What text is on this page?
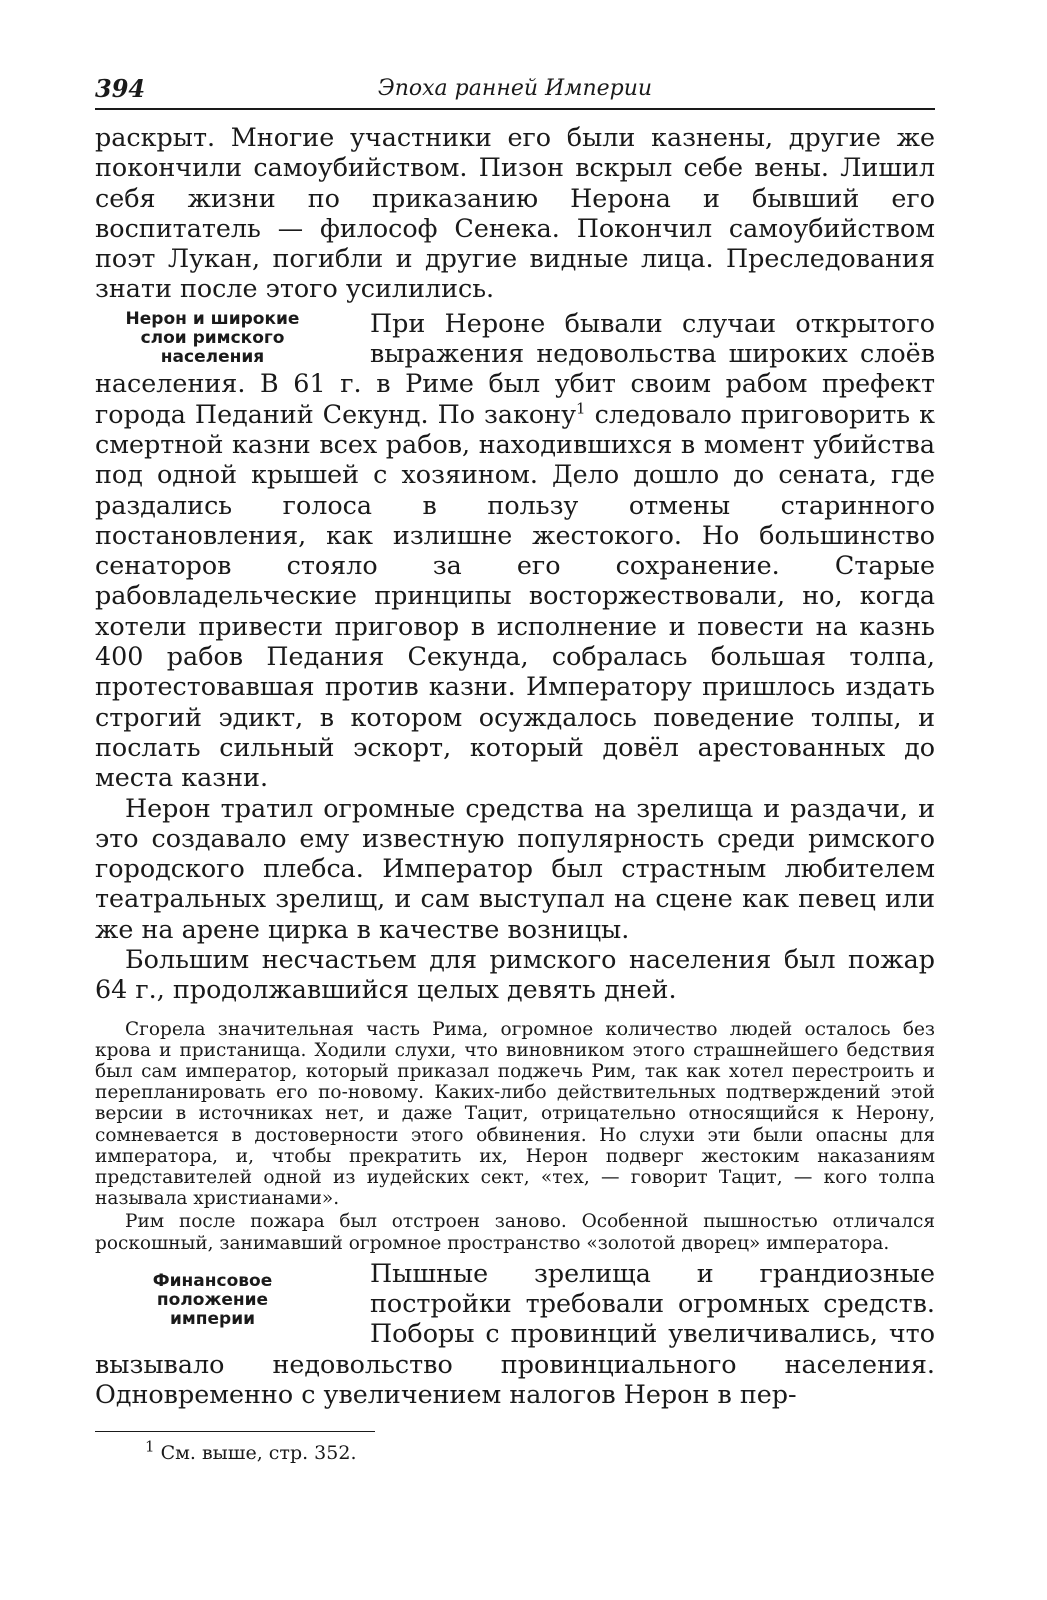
394	Эпоха ранней Империи

раскрыт. Многие участники его были казнены, другие же покончили самоубийством. Пизон вскрыл себе вены. Лишил себя жизни по приказанию Нерона и бывший его воспитатель — философ Сенека. Покончил самоубийством поэт Лукан, погибли и другие видные лица. Преследования знати после этого усилились.

Нерон и широкие
слои римского
населения

При Нероне бывали случаи открытого выражения недовольства широких слоёв населения. В 61 г. в Риме был убит своим рабом префект города Педаний Секунд. По закону$^1$ следовало приговорить к смертной казни всех рабов, находившихся в момент убийства под одной крышей с хозяином. Дело дошло до сената, где раздались голоса в пользу отмены старинного постановления, как излишне жестокого. Но большинство сенаторов стояло за его сохранение. Старые рабовладельческие принципы восторжествовали, но, когда хотели привести приговор в исполнение и повести на казнь 400 рабов Педания Секунда, собралась большая толпа, протестовавшая против казни. Императору пришлось издать строгий эдикт, в котором осуждалось поведение толпы, и послать сильный эскорт, который довёл арестованных до места казни.

Нерон тратил огромные средства на зрелища и раздачи, и это создавало ему известную популярность среди римского городского плебса. Император был страстным любителем театральных зрелищ, и сам выступал на сцене как певец или же на арене цирка в качестве возницы.

Большим несчастьем для римского населения был пожар 64 г., продолжавшийся целых девять дней.

Сгорела значительная часть Рима, огромное количество людей осталось без крова и пристанища. Ходили слухи, что виновником этого страшнейшего бедствия был сам император, который приказал поджечь Рим, так как хотел перестроить и перепланировать его по-новому. Каких-либо действительных подтверждений этой версии в источниках нет, и даже Тацит, отрицательно относящийся к Нерону, сомневается в достоверности этого обвинения. Но слухи эти были опасны для императора, и, чтобы прекратить их, Нерон подверг жестоким наказаниям представителей одной из иудейских сект, «тех, — говорит Тацит, — кого толпа называла христианами».

Рим после пожара был отстроен заново. Особенной пышностью отличался роскошный, занимавший огромное пространство «золотой дворец» императора.

Финансовое
положение
империи

Пышные зрелища и грандиозные постройки требовали огромных средств. Поборы с провинций увеличивались, что вызывало недовольство провинциального населения. Одновременно с увеличением налогов Нерон в пер-

$^1$ См. выше, стр. 352.
